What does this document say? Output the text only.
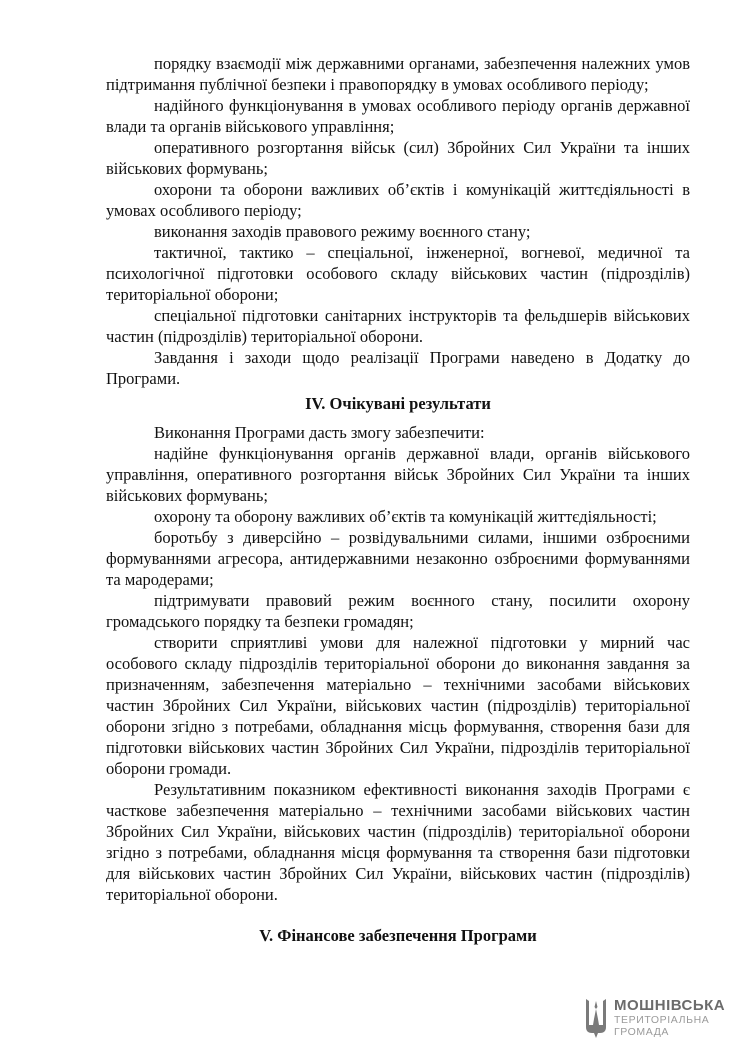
порядку взаємодії між державними органами, забезпечення належних умов підтримання публічної безпеки і правопорядку в умовах особливого періоду;

надійного функціонування в умовах особливого періоду органів державної влади та органів військового управління;

оперативного розгортання військ (сил) Збройних Сил України та інших військових формувань;

охорони та оборони важливих об’єктів і комунікацій життєдіяльності в умовах особливого періоду;

виконання заходів правового режиму воєнного стану;

тактичної, тактико – спеціальної, інженерної, вогневої, медичної та психологічної підготовки особового складу військових частин (підрозділів) територіальної оборони;

спеціальної підготовки санітарних інструкторів та фельдшерів військових частин (підрозділів) територіальної оборони.

Завдання і заходи щодо реалізації Програми наведено в Додатку до Програми.

IV. Очікувані результати

Виконання Програми дасть змогу забезпечити:

надійне функціонування органів державної влади, органів військового управління, оперативного розгортання військ Збройних Сил України та інших військових формувань;

охорону та оборону важливих об’єктів та комунікацій життєдіяльності;

боротьбу з диверсійно – розвідувальними силами, іншими озброєними формуваннями агресора, антидержавними незаконно озброєними формуваннями та мародерами;

підтримувати правовий режим воєнного стану, посилити охорону громадського порядку та безпеки громадян;

створити сприятливі умови для належної підготовки у мирний час особового складу підрозділів територіальної оборони до виконання завдання за призначенням, забезпечення матеріально – технічними засобами військових частин Збройних Сил України, військових частин (підрозділів) територіальної оборони згідно з потребами, обладнання місць формування, створення бази для підготовки військових частин Збройних Сил України, підрозділів територіальної оборони громади.

Результативним показником ефективності виконання заходів Програми є часткове забезпечення матеріально – технічними засобами військових частин Збройних Сил України, військових частин (підрозділів) територіальної оборони згідно з потребами, обладнання місця формування та створення бази підготовки для військових частин Збройних Сил України, військових частин (підрозділів) територіальної оборони.

V. Фінансове забезпечення Програми
МОШНІВСЬКА
ТЕРИТОРІАЛЬНА
ГРОМАДА
